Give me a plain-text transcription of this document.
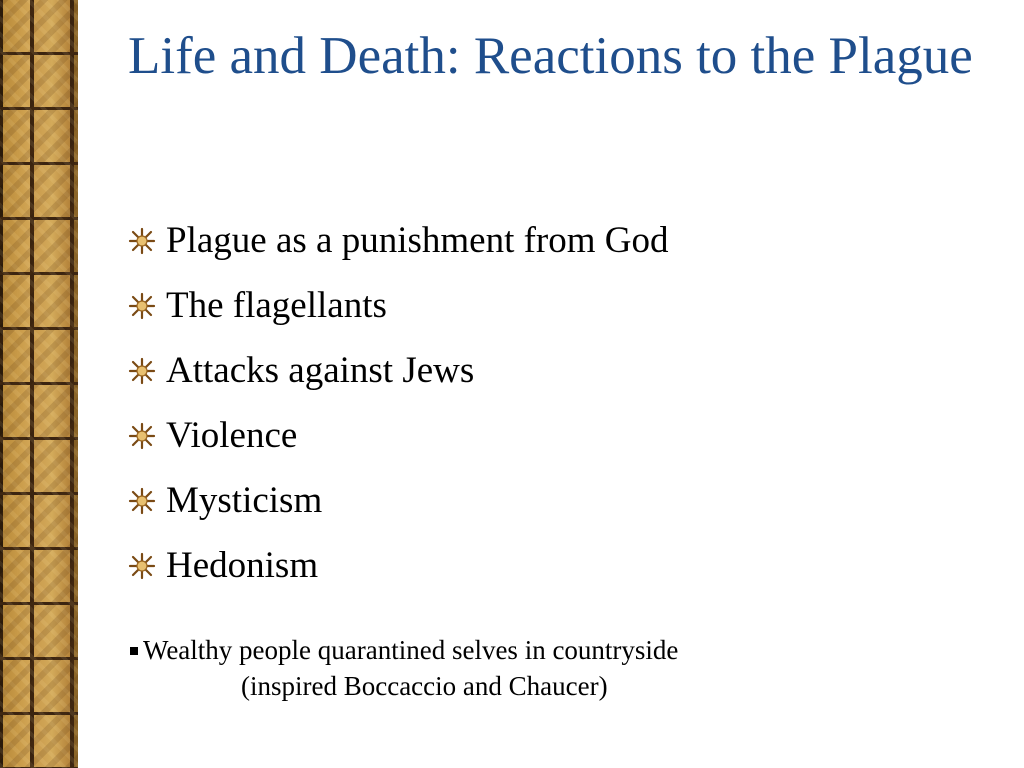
Life and Death: Reactions to the Plague
Plague as a punishment from God
The flagellants
Attacks against Jews
Violence
Mysticism
Hedonism
Wealthy people quarantined selves in countryside
(inspired Boccaccio and Chaucer)
